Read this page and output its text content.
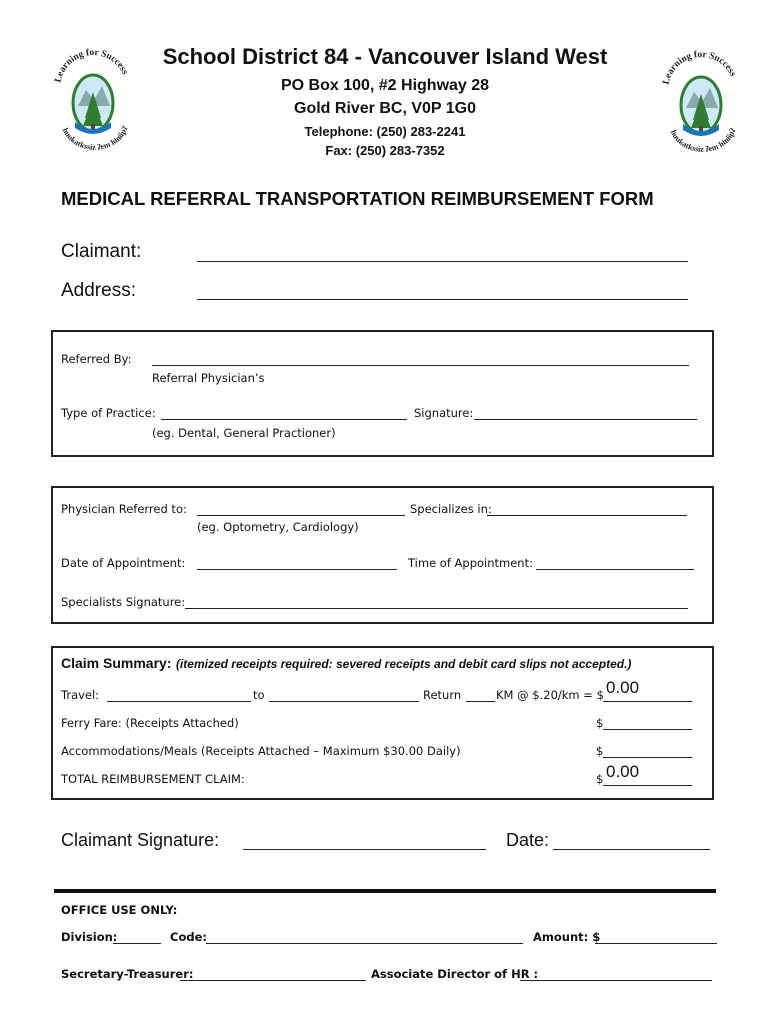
Learning for Success
huukatkssiz ʔem hiniipʔ
Learning for Success
huukatkssiz ʔem hiniipʔ
School District 84 - Vancouver Island West
PO Box 100, #2 Highway 28
Gold River BC, V0P 1G0
Telephone: (250) 283-2241
Fax: (250) 283-7352
MEDICAL REFERRAL TRANSPORTATION REIMBURSEMENT FORM
Claimant:
Address:
Referred By:
Referral Physician’s
Type of Practice:	Signature:
(eg. Dental, General Practioner)
Physician Referred to:	Specializes in:
(eg. Optometry, Cardiology)
Date of Appointment:	Time of Appointment:
Specialists Signature:
Claim Summary: (itemized receipts required: severed receipts and debit card slips not accepted.)
Travel:	to	Return	KM @ $.20/km = $ 0.00
Ferry Fare: (Receipts Attached)	$
Accommodations/Meals (Receipts Attached – Maximum $30.00 Daily)	$
TOTAL REIMBURSEMENT CLAIM:	$ 0.00
Claimant Signature:	Date:
OFFICE USE ONLY:
Division:	Code:	Amount: $
Secretary-Treasurer:	Associate Director of HR :
